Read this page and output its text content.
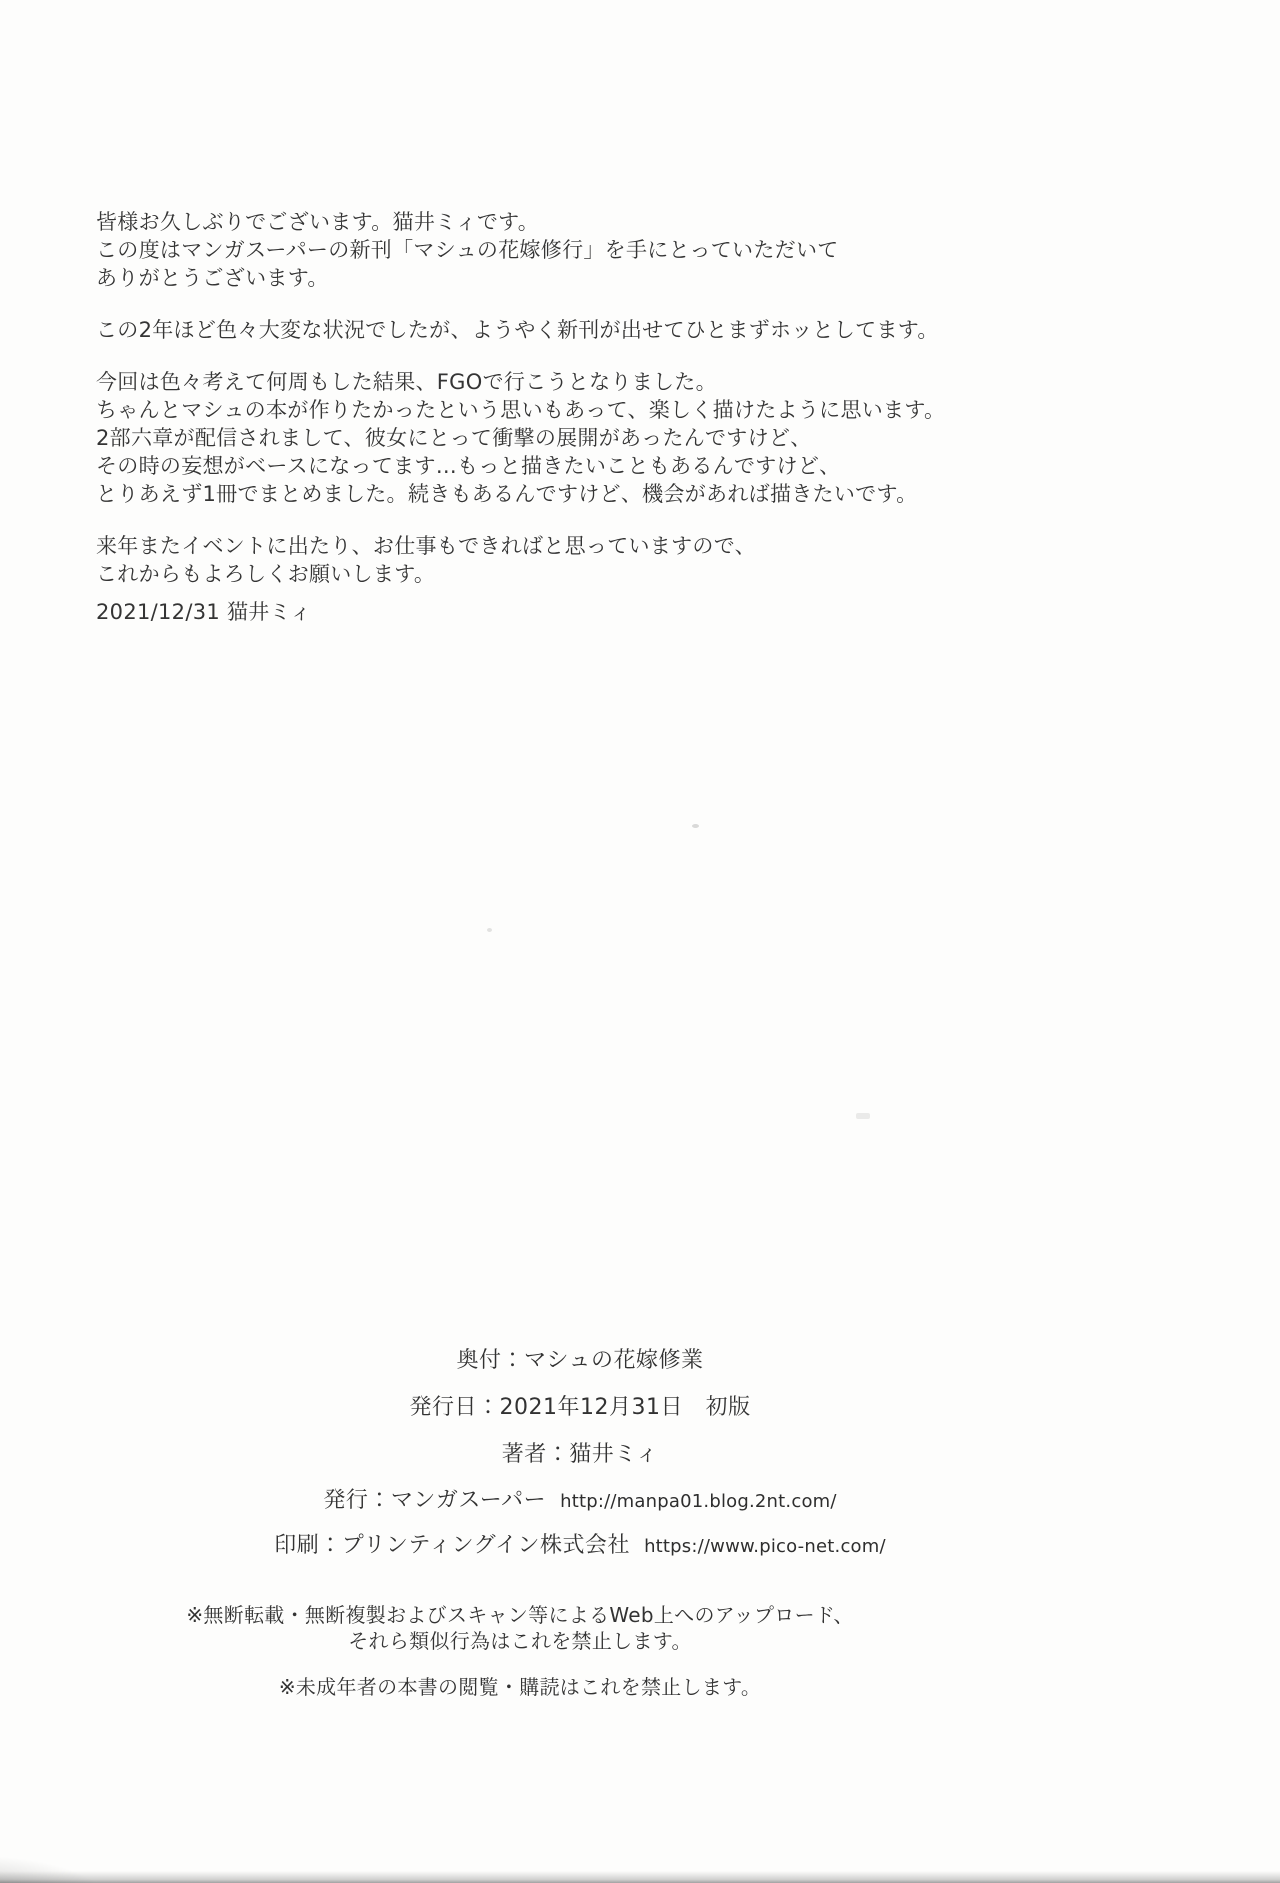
皆様お久しぶりでございます。猫井ミィです。
この度はマンガスーパーの新刊「マシュの花嫁修行」を手にとっていただいて
ありがとうございます。
この2年ほど色々大変な状況でしたが、ようやく新刊が出せてひとまずホッとしてます。
今回は色々考えて何周もした結果、FGOで行こうとなりました。
ちゃんとマシュの本が作りたかったという思いもあって、楽しく描けたように思います。
2部六章が配信されまして、彼女にとって衝撃の展開があったんですけど、
その時の妄想がベースになってます…もっと描きたいこともあるんですけど、
とりあえず1冊でまとめました。続きもあるんですけど、機会があれば描きたいです。
来年またイベントに出たり、お仕事もできればと思っていますので、
これからもよろしくお願いします。
2021/12/31 猫井ミィ
奥付：マシュの花嫁修業
発行日：2021年12月31日　初版
著者：猫井ミィ
発行：マンガスーパー http://manpa01.blog.2nt.com/
印刷：プリンティングイン株式会社 https://www.pico-net.com/
※無断転載・無断複製およびスキャン等によるWeb上へのアップロード、
それら類似行為はこれを禁止します。
※未成年者の本書の閲覧・購読はこれを禁止します。
